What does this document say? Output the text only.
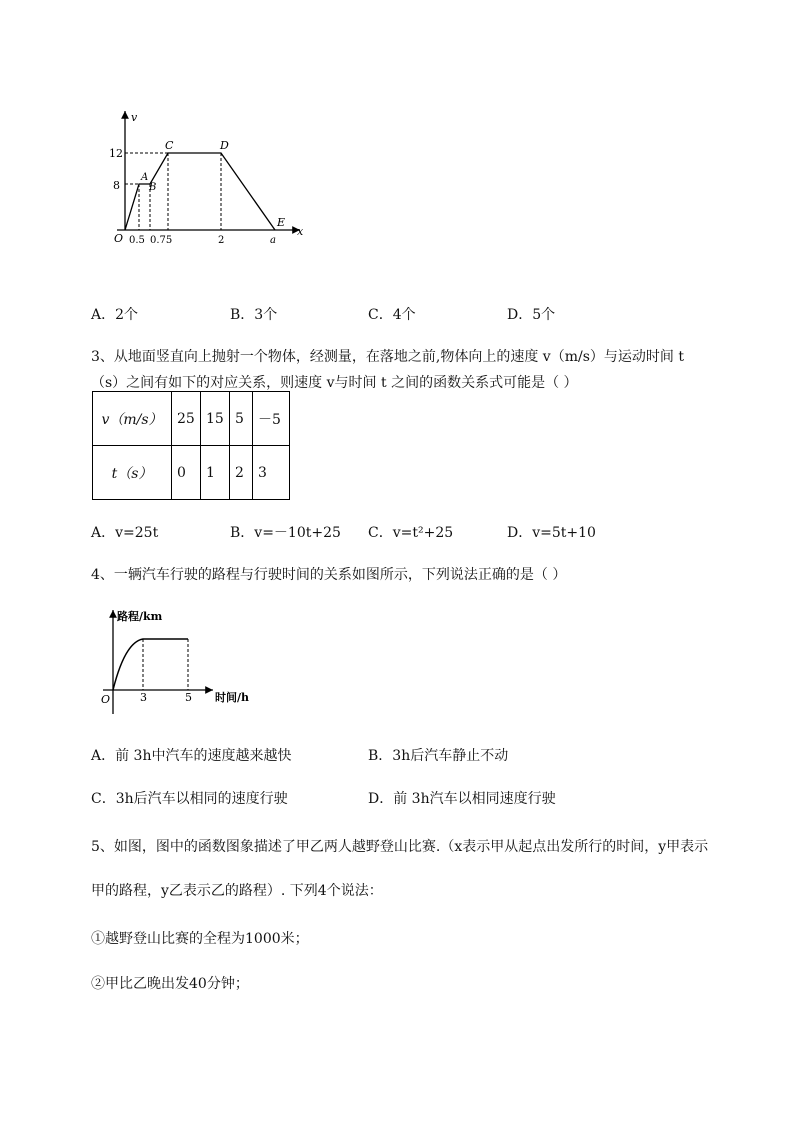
v
x
12
8
O 0.5 0.75	2	a
A
B
C	D
E
A．2个	B．3个	C．4个	D．5个
3、从地面竖直向上抛射一个物体，经测量，在落地之前,物体向上的速度 v（m/s）与运动时间 t
（s）之间有如下的对应关系，则速度 v与时间 t 之间的函数关系式可能是（ ）
v（m/s）	25	15	5	－5
t（s）	0	1	2	3
A．v=25t	B．v=－10t+25 C．v=t²+25	D．v=5t+10
4、一辆汽车行驶的路程与行驶时间的关系如图所示，下列说法正确的是（ ）
路程/km
时间/h
O	3	5
A．前 3h中汽车的速度越来越快	B．3h后汽车静止不动
C．3h后汽车以相同的速度行驶	D．前 3h汽车以相同速度行驶
5、如图，图中的函数图象描述了甲乙两人越野登山比赛.（x表示甲从起点出发所行的时间，y甲表示
甲的路程，y乙表示乙的路程）. 下列4个说法：
①越野登山比赛的全程为1000米；
②甲比乙晚出发40分钟；
